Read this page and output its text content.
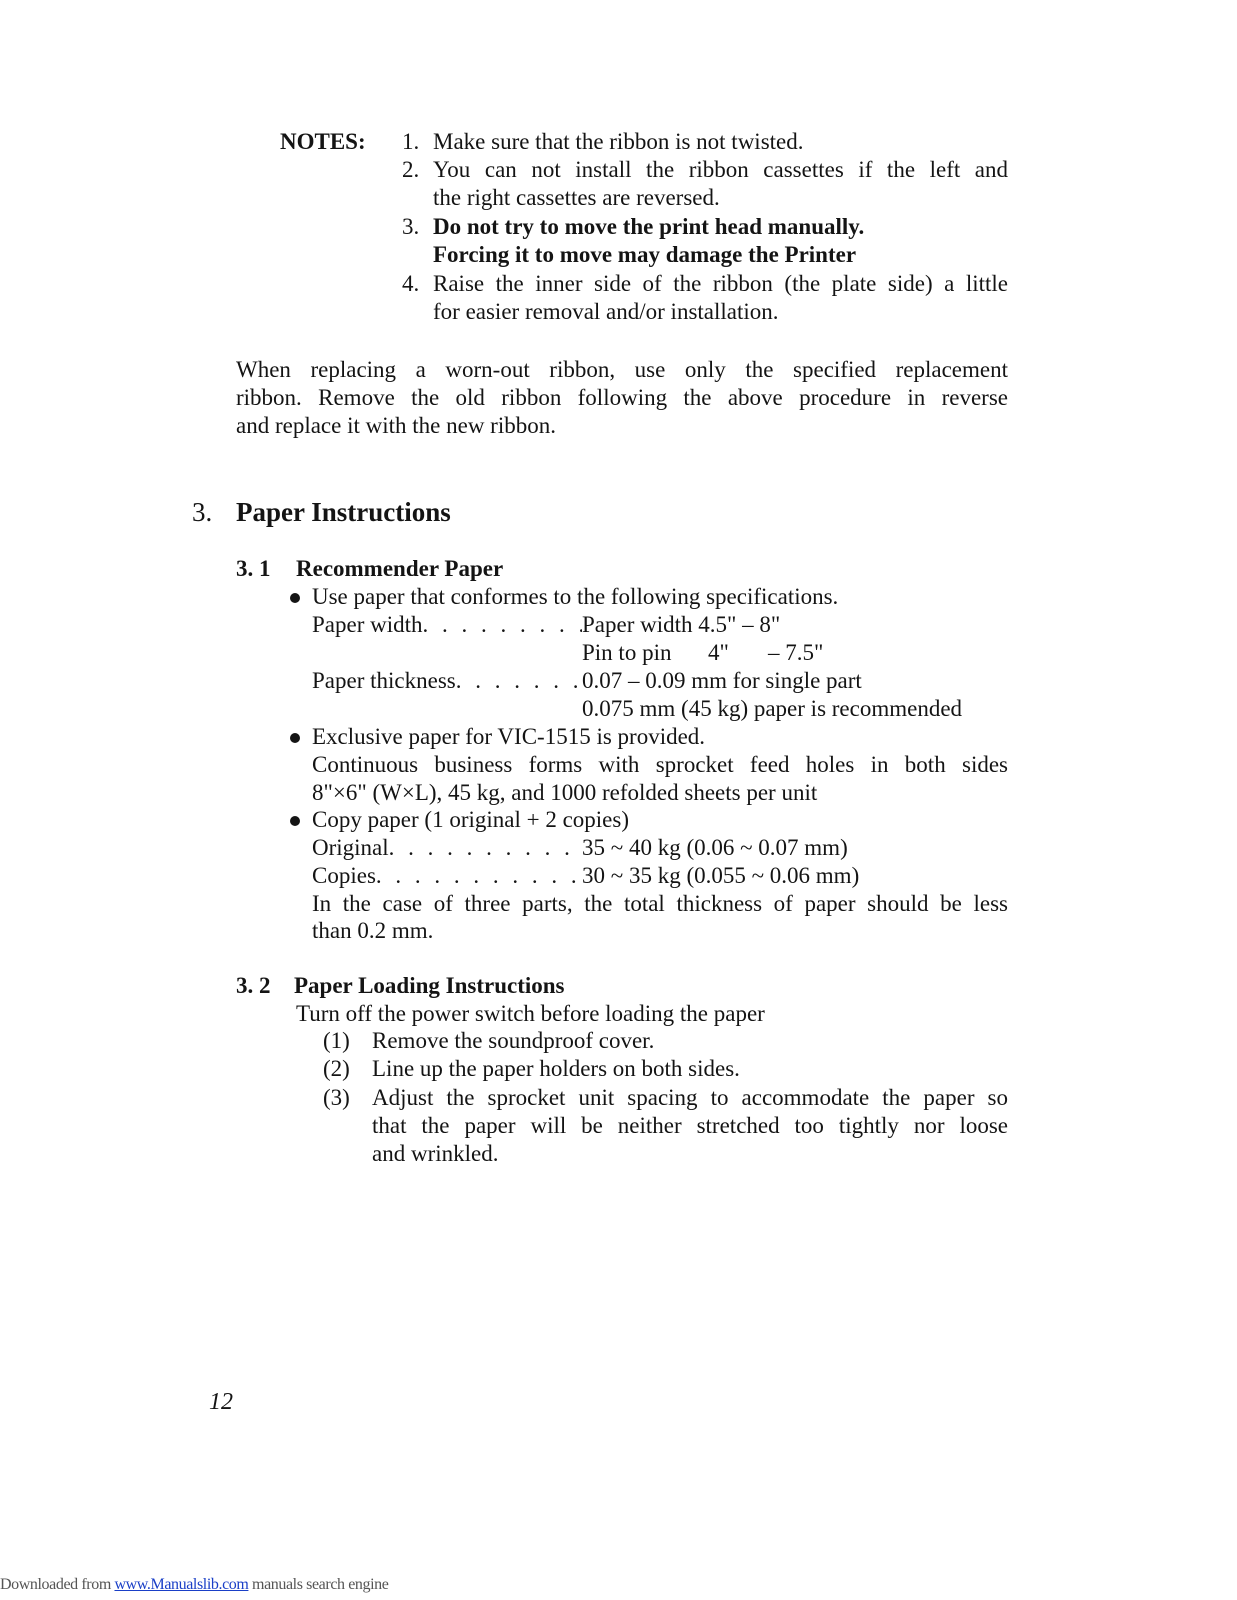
NOTES: 1. Make sure that the ribbon is not twisted.
2. You can not install the ribbon cassettes if the left and
the right cassettes are reversed.
3. Do not try to move the print head manually.
Forcing it to move may damage the Printer
4. Raise the inner side of the ribbon (the plate side) a little
for easier removal and/or installation.
When replacing a worn-out ribbon, use only the specified replacement
ribbon. Remove the old ribbon following the above procedure in reverse
and replace it with the new ribbon.
3. Paper Instructions
3. 1 Recommender Paper
Use paper that conformes to the following specifications.
Paper width . . .	Paper width 4.5" – 8"
Pin to pin 4" – 7.5"
Paper thickness . . .	0.07 – 0.09 mm for single part
0.075 mm (45 kg) paper is recommended
Exclusive paper for VIC-1515 is provided.
Continuous business forms with sprocket feed holes in both sides
8"×6" (W×L), 45 kg, and 1000 refolded sheets per unit
Copy paper (1 original + 2 copies)
Original . . .	35 ~ 40 kg (0.06 ~ 0.07 mm)
Copies . . .	30 ~ 35 kg (0.055 ~ 0.06 mm)
In the case of three parts, the total thickness of paper should be less
than 0.2 mm.
3. 2 Paper Loading Instructions
Turn off the power switch before loading the paper
(1) Remove the soundproof cover.
(2) Line up the paper holders on both sides.
(3) Adjust the sprocket unit spacing to accommodate the paper so
that the paper will be neither stretched too tightly nor loose
and wrinkled.
12
Downloaded from www.Manualslib.com manuals search engine
